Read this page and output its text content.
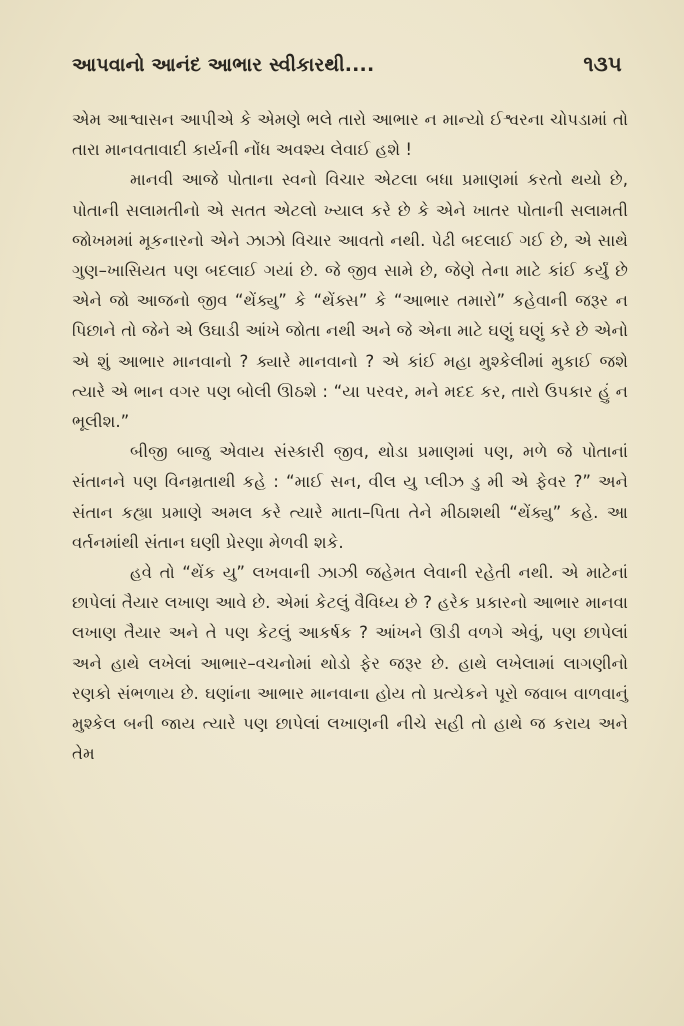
આપવાનો આનંદ આભાર સ્વીકારથી....	૧૩૫

એમ આશ્વાસન આપીએ કે એમણે ભલે તારો આભાર ન માન્યો ઈશ્વરના ચોપડામાં તો તારા માનવતાવાદી કાર્યની નોંધ અવશ્ય લેવાઈ હશે !

માનવી આજે પોતાના સ્વનો વિચાર એટલા બધા પ્રમાણમાં કરતો થયો છે, પોતાની સલામતીનો એ સતત એટલો ખ્યાલ કરે છે કે એને ખાતર પોતાની સલામતી જોખમમાં મૂકનારનો એને ઝાઝો વિચાર આવતો નથી. પેઢી બદલાઈ ગઈ છે, એ સાથે ગુણ–ખાસિયત પણ બદલાઈ ગયાં છે. જે જીવ સામે છે, જેણે તેના માટે કાંઈ કર્યું છે એને જો આજનો જીવ “થેંક્યુ” કે “થેંક્સ” કે “આભાર તમારો” કહેવાની જરૂર ન પિછાને તો જેને એ ઉઘાડી આંખે જોતા નથી અને જે એના માટે ઘણું ઘણું કરે છે એનો એ શું આભાર માનવાનો ? ક્યારે માનવાનો ? એ કાંઈ મહા મુશ્કેલીમાં મુકાઈ જશે ત્યારે એ ભાન વગર પણ બોલી ઊઠશે : “યા પરવર, મને મદદ કર, તારો ઉપકાર હું ન ભૂલીશ.”

બીજી બાજુ એવાય સંસ્કારી જીવ, થોડા પ્રમાણમાં પણ, મળે જે પોતાનાં સંતાનને પણ વિનમ્રતાથી કહે : “માઈ સન, વીલ યુ પ્લીઝ ડુ મી એ ફેવર ?” અને સંતાન કહ્યા પ્રમાણે અમલ કરે ત્યારે માતા–પિતા તેને મીઠાશથી “થેંક્યુ” કહે. આ વર્તનમાંથી સંતાન ઘણી પ્રેરણા મેળવી શકે.

હવે તો “થેંક યુ” લખવાની ઝાઝી જહેમત લેવાની રહેતી નથી. એ માટેનાં છાપેલાં તૈયાર લખાણ આવે છે. એમાં કેટલું વૈવિધ્ય છે ? હરેક પ્રકારનો આભાર માનવા લખાણ તૈયાર અને તે પણ કેટલું આકર્ષક ? આંખને ઊડી વળગે એવું, પણ છાપેલાં અને હાથે લખેલાં આભાર–વચનોમાં થોડો ફેર જરૂર છે. હાથે લખેલામાં લાગણીનો રણકો સંભળાય છે. ઘણાંના આભાર માનવાના હોય તો પ્રત્યેકને પૂરો જવાબ વાળવાનું મુશ્કેલ બની જાય ત્યારે પણ છાપેલાં લખાણની નીચે સહી તો હાથે જ કરાય અને તેમ
